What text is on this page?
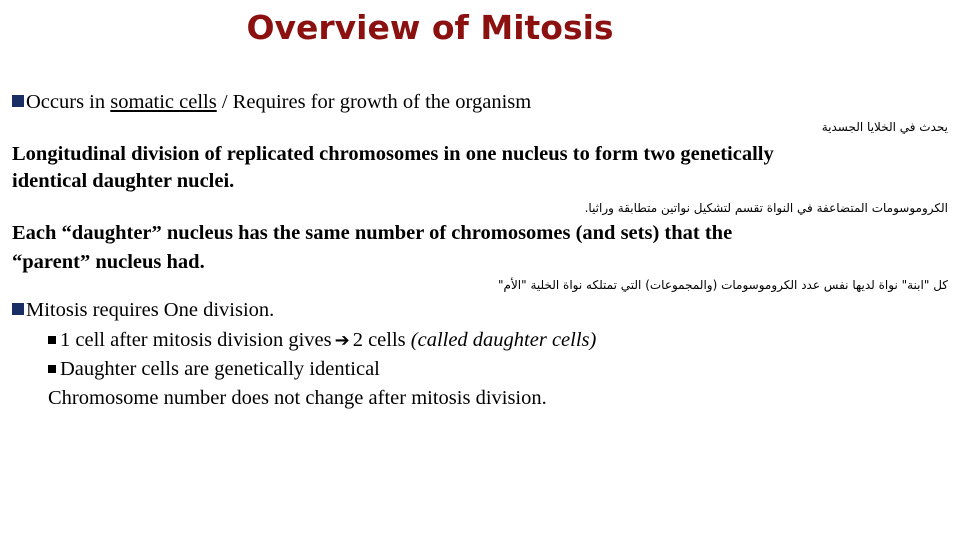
Overview of Mitosis
Occurs in somatic cells / Requires for growth of the organism
يحدث في الخلايا الجسدية
Longitudinal division of replicated chromosomes in one nucleus to form two genetically
identical daughter nuclei.
الكروموسومات المتضاعفة في النواة تقسم لتشكيل نواتين متطابقة وراثيا.
Each “daughter” nucleus has the same number of chromosomes (and sets) that the
“parent” nucleus had.
كل "ابنة" نواة لديها نفس عدد الكروموسومات (والمجموعات) التي تمتلكه نواة الخلية "الأم"
Mitosis requires One division.
1 cell after mitosis division gives ➔ 2 cells (called daughter cells)
Daughter cells are genetically identical
Chromosome number does not change after mitosis division.
